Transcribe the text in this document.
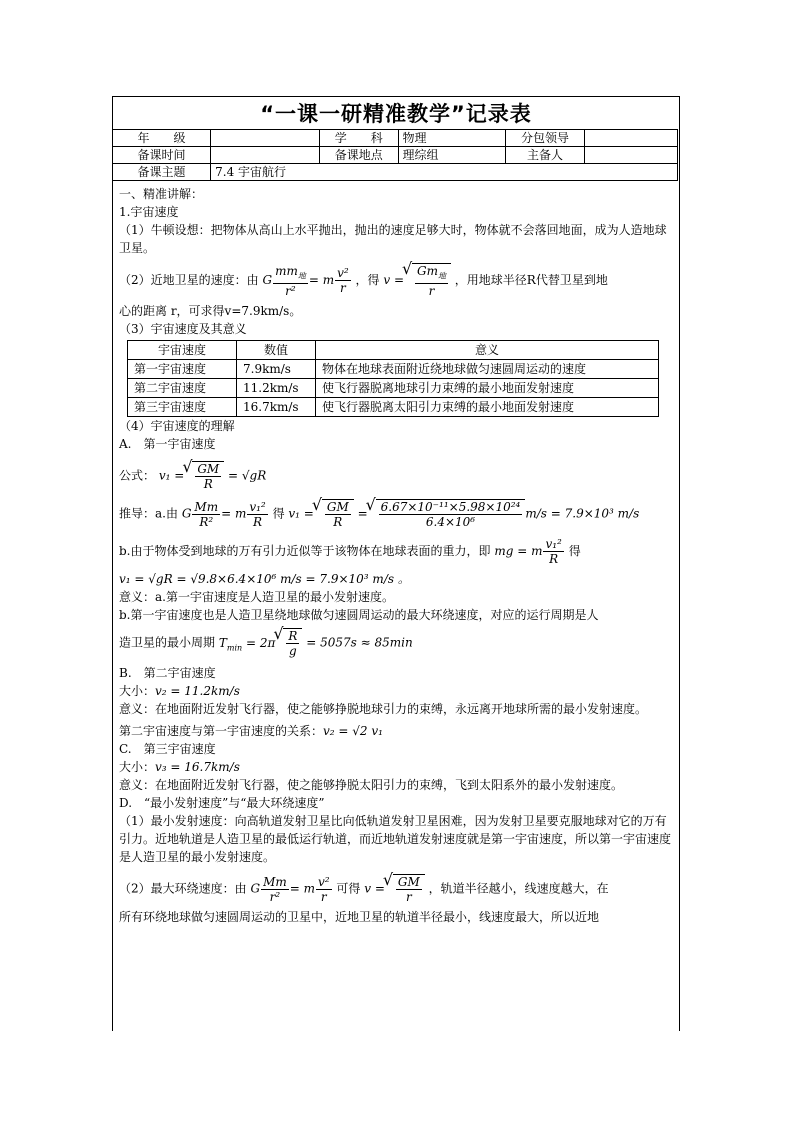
“一课一研精准教学”记录表
年　　级		学　　科	物理	分包领导	
备课时间		备课地点	理综组	主备人	
备课主题	7.4 宇宙航行				

一、精准讲解：

1.宇宙速度

（1）牛顿设想：把物体从高山上水平抛出，抛出的速度足够大时，物体就不会落回地面，成为人造地球卫星。

（2）近地卫星的速度：由 G $\frac{mm_地}{\text{r²}} = m \frac{\text{v²}}{r}$ ，得 v = √ $\frac{Gm_地}{r}$ ，用地球半径R代替卫星到地

心的距离 r，可求得v=7.9km/s。

（3）宇宙速度及其意义

宇宙速度	数值	意义
第一宇宙速度	7.9km/s	物体在地球表面附近绕地球做匀速圆周运动的速度
第二宇宙速度	11.2km/s	使飞行器脱离地球引力束缚的最小地面发射速度
第三宇宙速度	16.7km/s	使飞行器脱离太阳引力束缚的最小地面发射速度

（4）宇宙速度的理解

A.　第一宇宙速度

公式： v₁ = √ $\frac{GM}{R} = √gR$

推导：a.由 G $\frac{Mm}{\text{R²}} = m \frac{\text{v₁²}}{R}$ 得 v₁ = √ $\frac{GM}{R}$ = √ $\frac{\text{6.67×10⁻¹¹×5.98×10²⁴}}{\text{6.4×10⁶}} m/s = 7.9\times 10^3$ m/s

b.由于物体受到地球的万有引力近似等于该物体在地球表面的重力，即 mg = m $\frac{\text{v₁²}}{R}$ 得

v₁ = √gR = √9.8×6.4×10⁶ m/s = 7.9×10³ m/s 。

意义：a.第一宇宙速度是人造卫星的最小发射速度。

b.第一宇宙速度也是人造卫星绕地球做匀速圆周运动的最大环绕速度，对应的运行周期是人

造卫星的最小周期 $T_{min} = 2\pi$ √ $\frac{R}{g} = 5057s \approx 85\min$

B.　第二宇宙速度

大小：v₂ = 11.2km/s

意义：在地面附近发射飞行器，使之能够挣脱地球引力的束缚，永远离开地球所需的最小发射速度。

第二宇宙速度与第一宇宙速度的关系：v₂ = √2 v₁

C.　第三宇宙速度

大小：v₃ = 16.7km/s

意义：在地面附近发射飞行器，使之能够挣脱太阳引力的束缚，飞到太阳系外的最小发射速度。

D.　“最小发射速度”与“最大环绕速度”

（1）最小发射速度：向高轨道发射卫星比向低轨道发射卫星困难，因为发射卫星要克服地球对它的万有引力。近地轨道是人造卫星的最低运行轨道，而近地轨道发射速度就是第一宇宙速度，所以第一宇宙速度是人造卫星的最小发射速度。

（2）最大环绕速度：由 G $\frac{Mm}{\text{r²}} = m \frac{\text{v²}}{r}$ 可得 v = √ $\frac{GM}{r}$ ，轨道半径越小，线速度越大，在

所有环绕地球做匀速圆周运动的卫星中，近地卫星的轨道半径最小，线速度最大，所以近地
